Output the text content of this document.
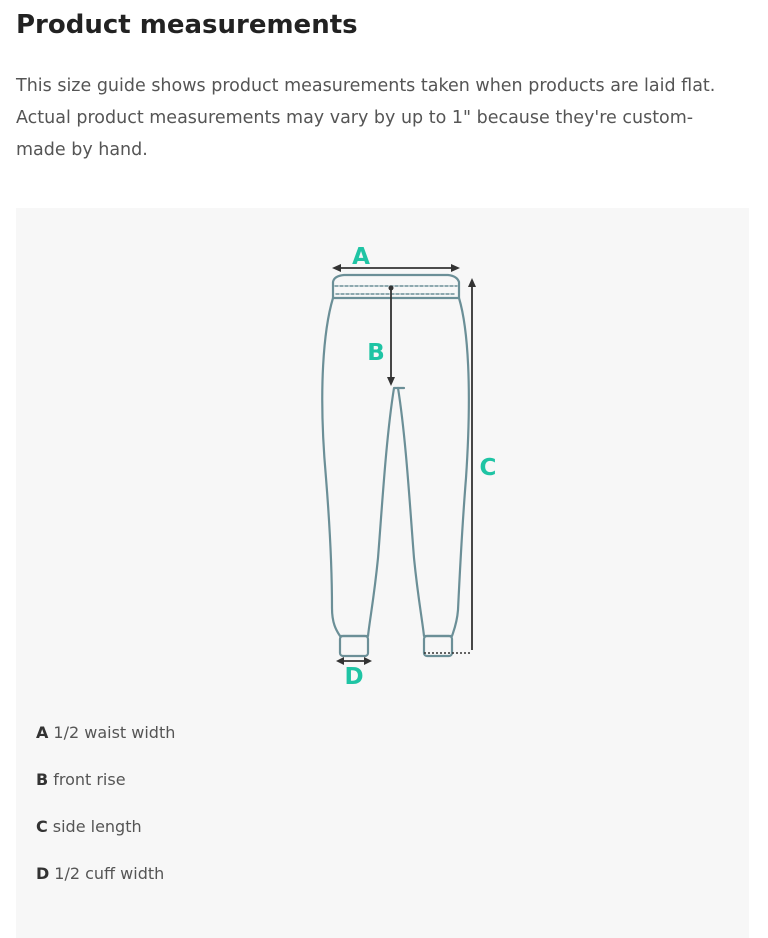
Product measurements

This size guide shows product measurements taken when products are laid flat.
Actual product measurements may vary by up to 1" because they're custom-
made by hand.

A
B
C
D
A 1/2 waist width
B front rise
C side length
D 1/2 cuff width
